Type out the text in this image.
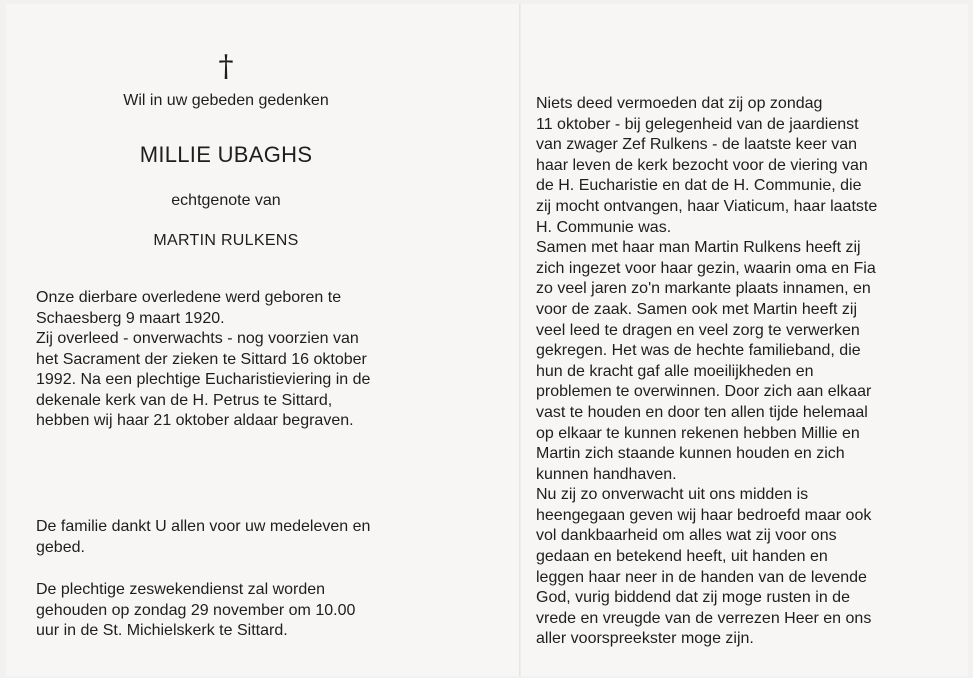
†
Wil in uw gebeden gedenken
MILLIE UBAGHS
echtgenote van
MARTIN RULKENS
Onze dierbare overledene werd geboren te
Schaesberg 9 maart 1920.
Zij overleed - onverwachts - nog voorzien van
het Sacrament der zieken te Sittard 16 oktober
1992. Na een plechtige Eucharistieviering in de
dekenale kerk van de H. Petrus te Sittard,
hebben wij haar 21 oktober aldaar begraven.
De familie dankt U allen voor uw medeleven en
gebed.
De plechtige zeswekendienst zal worden
gehouden op zondag 29 november om 10.00
uur in de St. Michielskerk te Sittard.
Niets deed vermoeden dat zij op zondag
11 oktober - bij gelegenheid van de jaardienst
van zwager Zef Rulkens - de laatste keer van
haar leven de kerk bezocht voor de viering van
de H. Eucharistie en dat de H. Communie, die
zij mocht ontvangen, haar Viaticum, haar laatste
H. Communie was.
Samen met haar man Martin Rulkens heeft zij
zich ingezet voor haar gezin, waarin oma en Fia
zo veel jaren zo'n markante plaats innamen, en
voor de zaak. Samen ook met Martin heeft zij
veel leed te dragen en veel zorg te verwerken
gekregen. Het was de hechte familieband, die
hun de kracht gaf alle moeilijkheden en
problemen te overwinnen. Door zich aan elkaar
vast te houden en door ten allen tijde helemaal
op elkaar te kunnen rekenen hebben Millie en
Martin zich staande kunnen houden en zich
kunnen handhaven.
Nu zij zo onverwacht uit ons midden is
heengegaan geven wij haar bedroefd maar ook
vol dankbaarheid om alles wat zij voor ons
gedaan en betekend heeft, uit handen en
leggen haar neer in de handen van de levende
God, vurig biddend dat zij moge rusten in de
vrede en vreugde van de verrezen Heer en ons
aller voorspreekster moge zijn.
